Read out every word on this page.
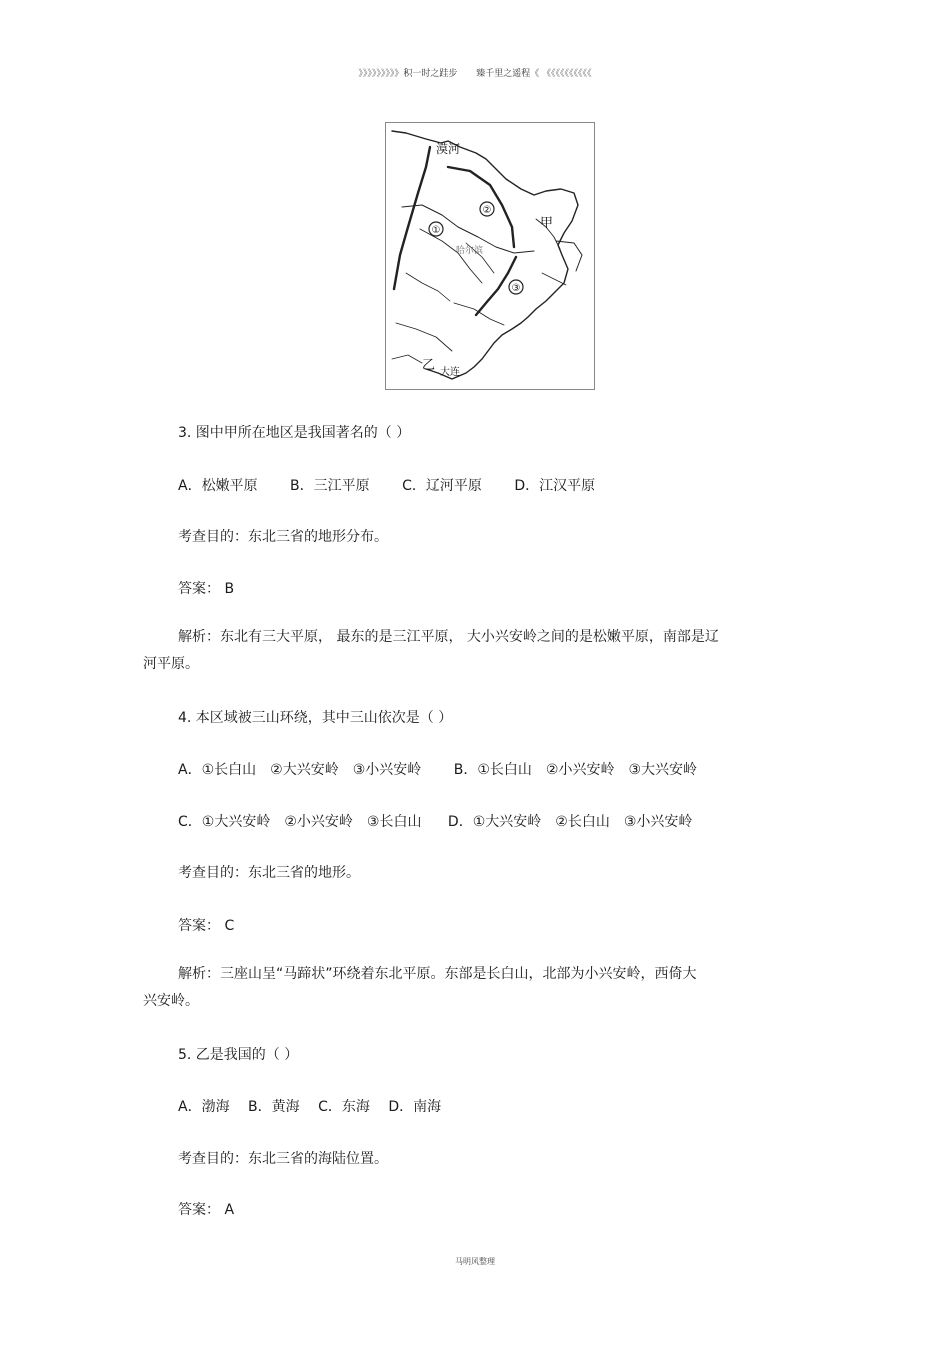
》》》》》》》》》积一时之跬步 臻千里之遥程《 《《《《《《《《《《
漠河
①
②
③
甲
哈尔滨
乙 大连
3. 图中甲所在地区是我国著名的（ ）
A．松嫩平原 B．三江平原 C．辽河平原 D．江汉平原
考查目的：东北三省的地形分布。
答案： B
解析：东北有三大平原， 最东的是三江平原， 大小兴安岭之间的是松嫩平原，南部是辽
河平原。
4. 本区域被三山环绕，其中三山依次是（ ）
A．①长白山 ②大兴安岭 ③小兴安岭 B．①长白山 ②小兴安岭 ③大兴安岭
C．①大兴安岭 ②小兴安岭 ③长白山 D．①大兴安岭 ②长白山 ③小兴安岭
考查目的：东北三省的地形。
答案： C
解析：三座山呈“马蹄状”环绕着东北平原。东部是长白山，北部为小兴安岭，西倚大
兴安岭。
5. 乙是我国的（ ）
A．渤海 B．黄海 C．东海 D．南海
考查目的：东北三省的海陆位置。
答案： A
马明风整理
